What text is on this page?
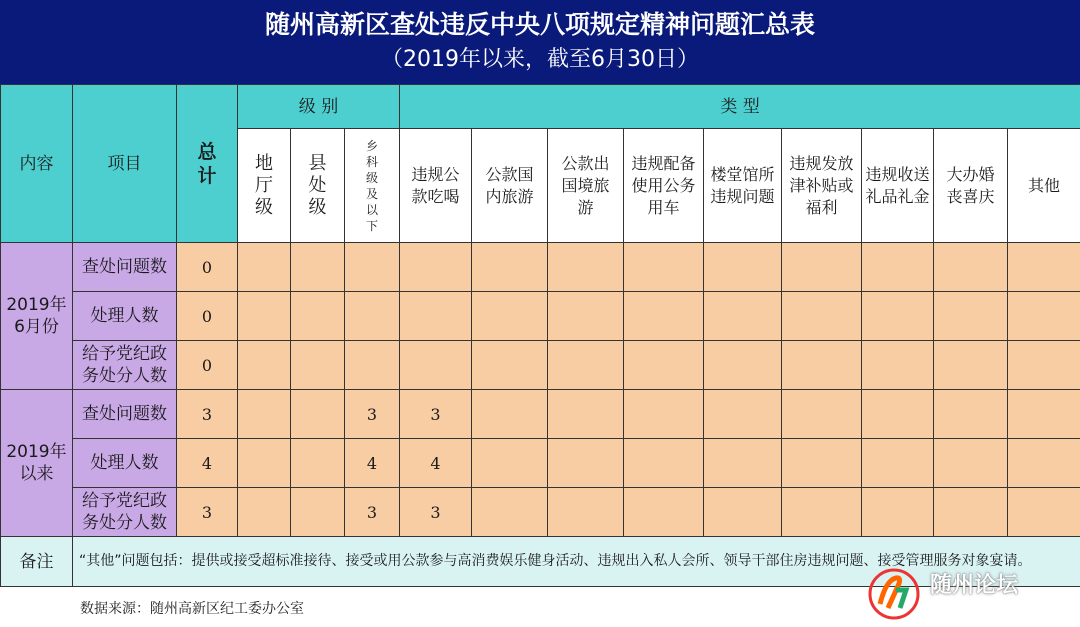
随州高新区查处违反中央八项规定精神问题汇总表
（2019年以来，截至6月30日）
内容	项目	总计	级 别			类 型								
			地厅级	县处级	乡科级及以下	违规公款吃喝	公款国内旅游	公款出国境旅游	违规配备使用公务用车	楼堂馆所违规问题	违规发放津补贴或福利	违规收送礼品礼金	大办婚丧喜庆	其他
2019年6月份	查处问题数	0												
	处理人数	0												
	给予党纪政务处分人数	0												
2019年以来	查处问题数	3			3	3								
	处理人数	4			4	4								
	给予党纪政务处分人数	3			3	3								
备注	“其他”问题包括：提供或接受超标准接待、接受或用公款参与高消费娱乐健身活动、违规出入私人会所、领导干部住房违规问题、接受管理服务对象宴请。													
数据来源：随州高新区纪工委办公室
随州论坛
